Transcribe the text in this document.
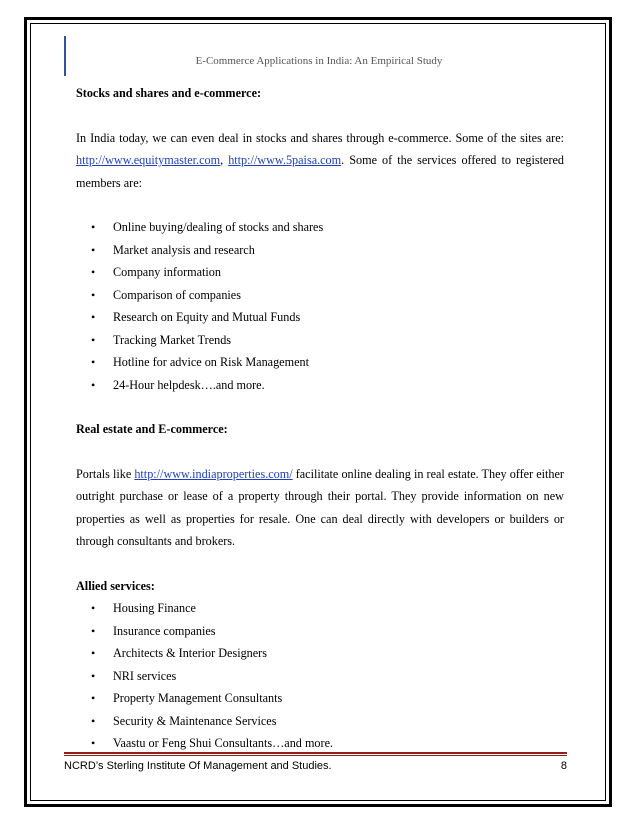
E-Commerce Applications in India: An Empirical Study

Stocks and shares and e-commerce:

In India today, we can even deal in stocks and shares through e-commerce. Some of the sites are: http://www.equitymaster.com, http://www.5paisa.com. Some of the services offered to registered members are:

• Online buying/dealing of stocks and shares
• Market analysis and research
• Company information
• Comparison of companies
• Research on Equity and Mutual Funds
• Tracking Market Trends
• Hotline for advice on Risk Management
• 24-Hour helpdesk….and more.

Real estate and E-commerce:

Portals like http://www.indiaproperties.com/ facilitate online dealing in real estate. They offer either outright purchase or lease of a property through their portal. They provide information on new properties as well as properties for resale. One can deal directly with developers or builders or through consultants and brokers.

Allied services:

• Housing Finance
• Insurance companies
• Architects & Interior Designers
• NRI services
• Property Management Consultants
• Security & Maintenance Services
• Vaastu or Feng Shui Consultants…and more.
NCRD’s Sterling Institute Of Management and Studies.	8
